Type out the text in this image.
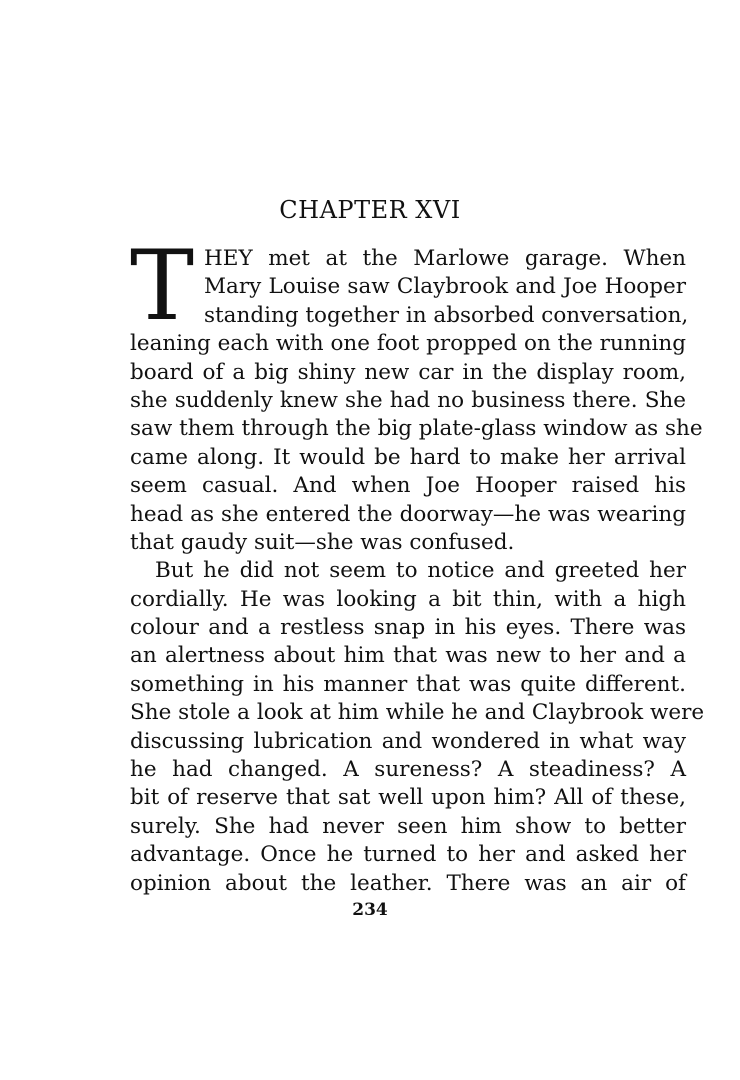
CHAPTER XVI
T HEY met at the Marlowe garage. When
Mary Louise saw Claybrook and Joe Hooper
standing together in absorbed conversation,
leaning each with one foot propped on the running
board of a big shiny new car in the display room,
she suddenly knew she had no business there. She
saw them through the big plate-glass window as she
came along. It would be hard to make her arrival
seem casual. And when Joe Hooper raised his
head as she entered the doorway—he was wearing
that gaudy suit—she was confused.
But he did not seem to notice and greeted her
cordially. He was looking a bit thin, with a high
colour and a restless snap in his eyes. There was
an alertness about him that was new to her and a
something in his manner that was quite different.
She stole a look at him while he and Claybrook were
discussing lubrication and wondered in what way
he had changed. A sureness? A steadiness? A
bit of reserve that sat well upon him? All of these,
surely. She had never seen him show to better
advantage. Once he turned to her and asked her
opinion about the leather. There was an air of
234
